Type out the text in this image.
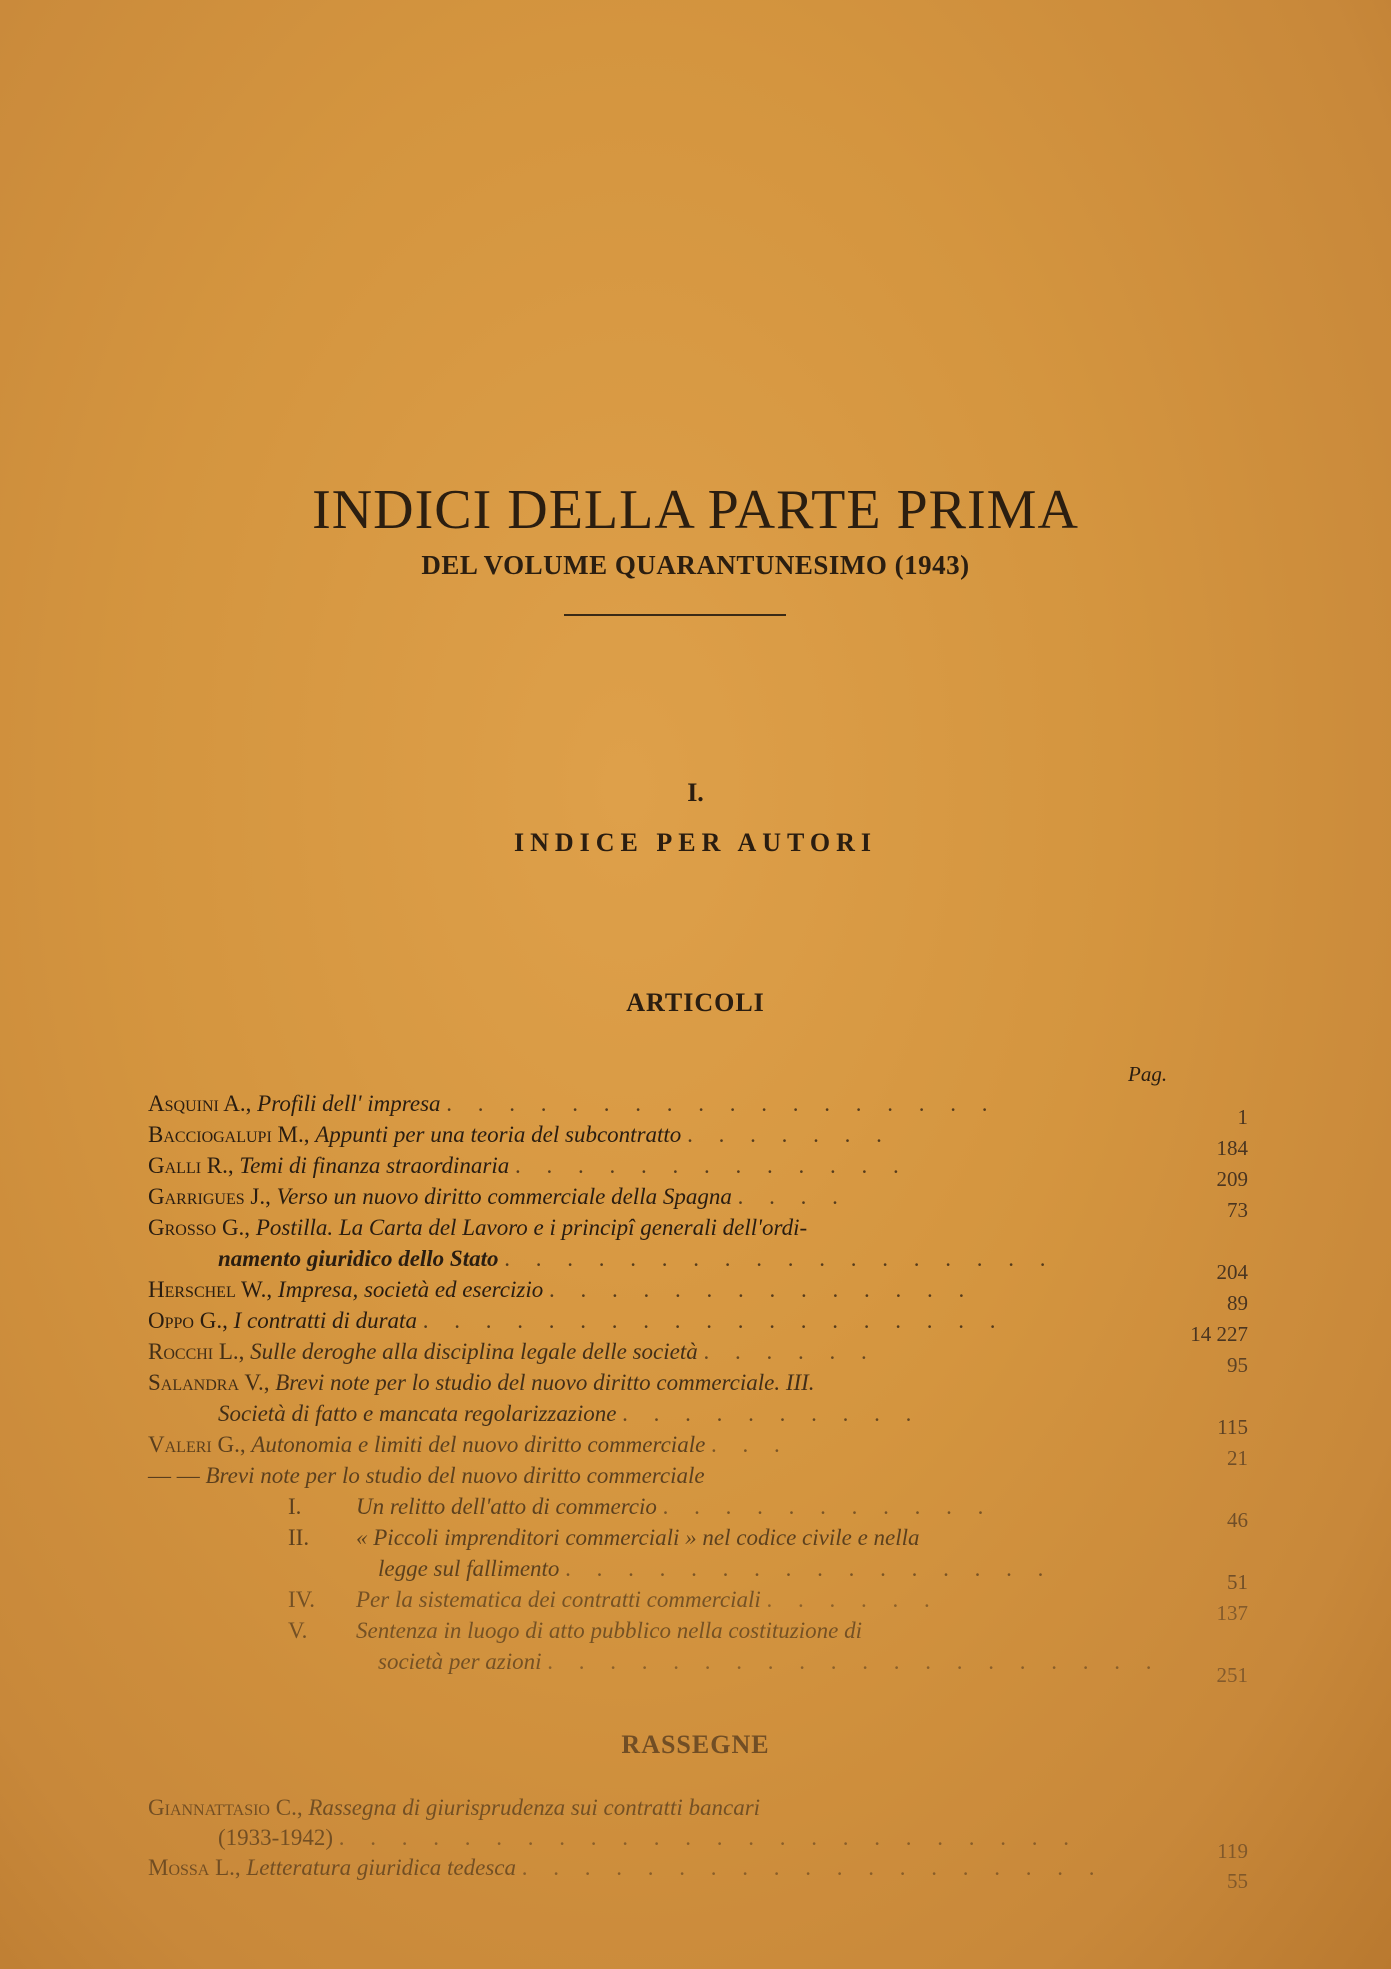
INDICI DELLA PARTE PRIMA
DEL VOLUME QUARANTUNESIMO (1943)
I.
INDICE PER AUTORI
ARTICOLI
Pag.
Asquini A., Profili dell' impresa . . . . . . . . . . . . . . . . . .
1
Bacciogalupi M., Appunti per una teoria del subcontratto . . . . . . .
184
Galli R., Temi di finanza straordinaria . . . . . . . . . . . . .
209
Garrigues J., Verso un nuovo diritto commerciale della Spagna . . . .
73
Grosso G., Postilla. La Carta del Lavoro e i principî generali dell'ordi-
namento giuridico dello Stato . . . . . . . . . . . . . . . . . .
204
Herschel W., Impresa, società ed esercizio . . . . . . . . . . . . . .
89
Oppo G., I contratti di durata . . . . . . . . . . . . . . . . . . .
14 227
Rocchi L., Sulle deroghe alla disciplina legale delle società . . . . . .
95
Salandra V., Brevi note per lo studio del nuovo diritto commerciale. III.
Società di fatto e mancata regolarizzazione . . . . . . . . . .
115
Valeri G., Autonomia e limiti del nuovo diritto commerciale . . .
21
— — Brevi note per lo studio del nuovo diritto commerciale
I. Un relitto dell'atto di commercio . . . . . . . . . . .
46
II. « Piccoli imprenditori commerciali » nel codice civile e nella
legge sul fallimento . . . . . . . . . . . . . . . .
51
IV. Per la sistematica dei contratti commerciali . . . . . .
137
V. Sentenza in luogo di atto pubblico nella costituzione di
società per azioni . . . . . . . . . . . . . . . . . . . .
251
RASSEGNE
Giannattasio C., Rassegna di giurisprudenza sui contratti bancari
(1933-1942) . . . . . . . . . . . . . . . . . . . . . . . .
119
Mossa L., Letteratura giuridica tedesca . . . . . . . . . . . . . . . . . . .
55
